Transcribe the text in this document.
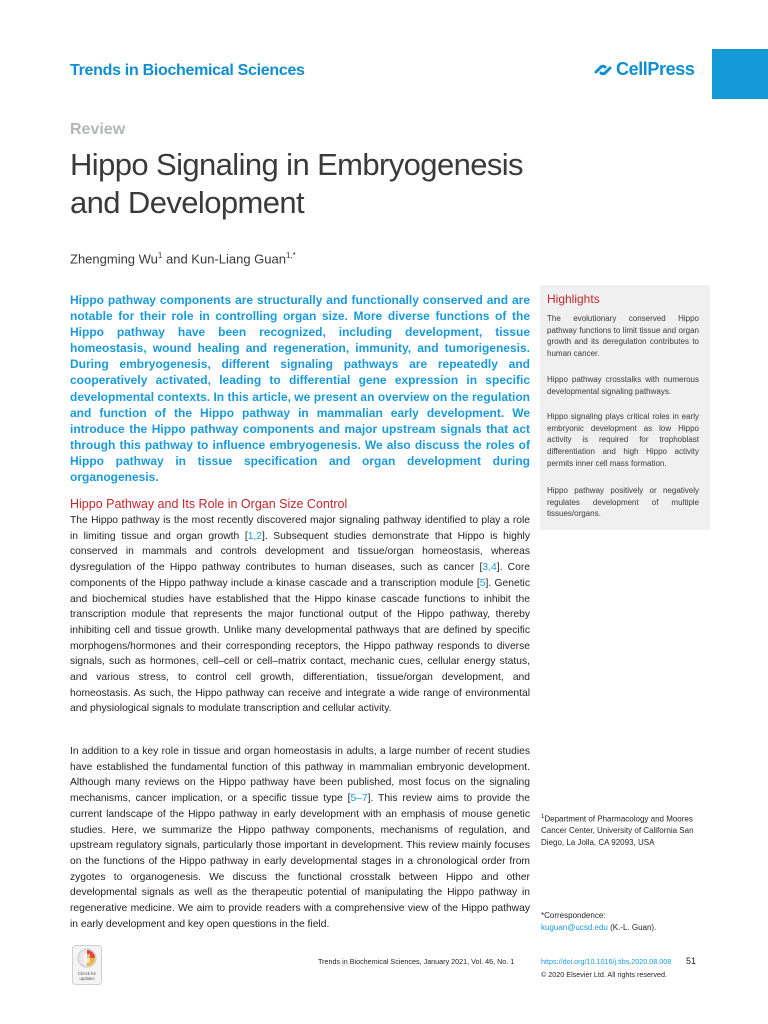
Trends in Biochemical Sciences	CellPress
Review
Hippo Signaling in Embryogenesis
and Development
Zhengming Wu$^1$ and Kun-Liang Guan$^{1,*}$

Hippo pathway components are structurally and functionally conserved and are notable for their role in controlling organ size. More diverse functions of the Hippo pathway have been recognized, including development, tissue homeostasis, wound healing and regeneration, immunity, and tumorigenesis. During embryogenesis, different signaling pathways are repeatedly and cooperatively activated, leading to differential gene expression in specific developmental contexts. In this article, we present an overview on the regulation and function of the Hippo pathway in mammalian early development. We introduce the Hippo pathway components and major upstream signals that act through this pathway to influence embryogenesis. We also discuss the roles of Hippo pathway in tissue specification and organ development during organogenesis.

Highlights

The evolutionary conserved Hippo pathway functions to limit tissue and organ growth and its deregulation contributes to human cancer.

Hippo pathway crosstalks with numerous developmental signaling pathways.

Hippo signaling plays critical roles in early embryonic development as low Hippo activity is required for trophoblast differentiation and high Hippo activity permits inner cell mass formation.

Hippo pathway positively or negatively regulates development of multiple tissues/organs.

Hippo Pathway and Its Role in Organ Size Control

The Hippo pathway is the most recently discovered major signaling pathway identified to play a role in limiting tissue and organ growth [1,2]. Subsequent studies demonstrate that Hippo is highly conserved in mammals and controls development and tissue/organ homeostasis, whereas dysregulation of the Hippo pathway contributes to human diseases, such as cancer [3,4]. Core components of the Hippo pathway include a kinase cascade and a transcription module [5]. Genetic and biochemical studies have established that the Hippo kinase cascade functions to inhibit the transcription module that represents the major functional output of the Hippo pathway, thereby inhibiting cell and tissue growth. Unlike many developmental pathways that are defined by specific morphogens/hormones and their corresponding receptors, the Hippo pathway responds to diverse signals, such as hormones, cell–cell or cell–matrix contact, mechanic cues, cellular energy status, and various stress, to control cell growth, differentiation, tissue/organ development, and homeostasis. As such, the Hippo pathway can receive and integrate a wide range of environmental and physiological signals to modulate transcription and cellular activity.

In addition to a key role in tissue and organ homeostasis in adults, a large number of recent studies have established the fundamental function of this pathway in mammalian embryonic development. Although many reviews on the Hippo pathway have been published, most focus on the signaling mechanisms, cancer implication, or a specific tissue type [5–7]. This review aims to provide the current landscape of the Hippo pathway in early development with an emphasis of mouse genetic studies. Here, we summarize the Hippo pathway components, mechanisms of regulation, and upstream regulatory signals, particularly those important in development. This review mainly focuses on the functions of the Hippo pathway in early developmental stages in a chronological order from zygotes to organogenesis. We discuss the functional crosstalk between Hippo and other developmental signals as well as the therapeutic potential of manipulating the Hippo pathway in regenerative medicine. We aim to provide readers with a comprehensive view of the Hippo pathway in early development and key open questions in the field.

$^1$Department of Pharmacology and Moores Cancer Center, University of California San Diego, La Jolla, CA 92093, USA

*Correspondence:
kuguan@ucsd.edu (K.-L. Guan).
Check for
updates
Trends in Biochemical Sciences, January 2021, Vol. 46, No. 1	https://doi.org/10.1016/j.tibs.2020.08.008 51
© 2020 Elsevier Ltd. All rights reserved.
